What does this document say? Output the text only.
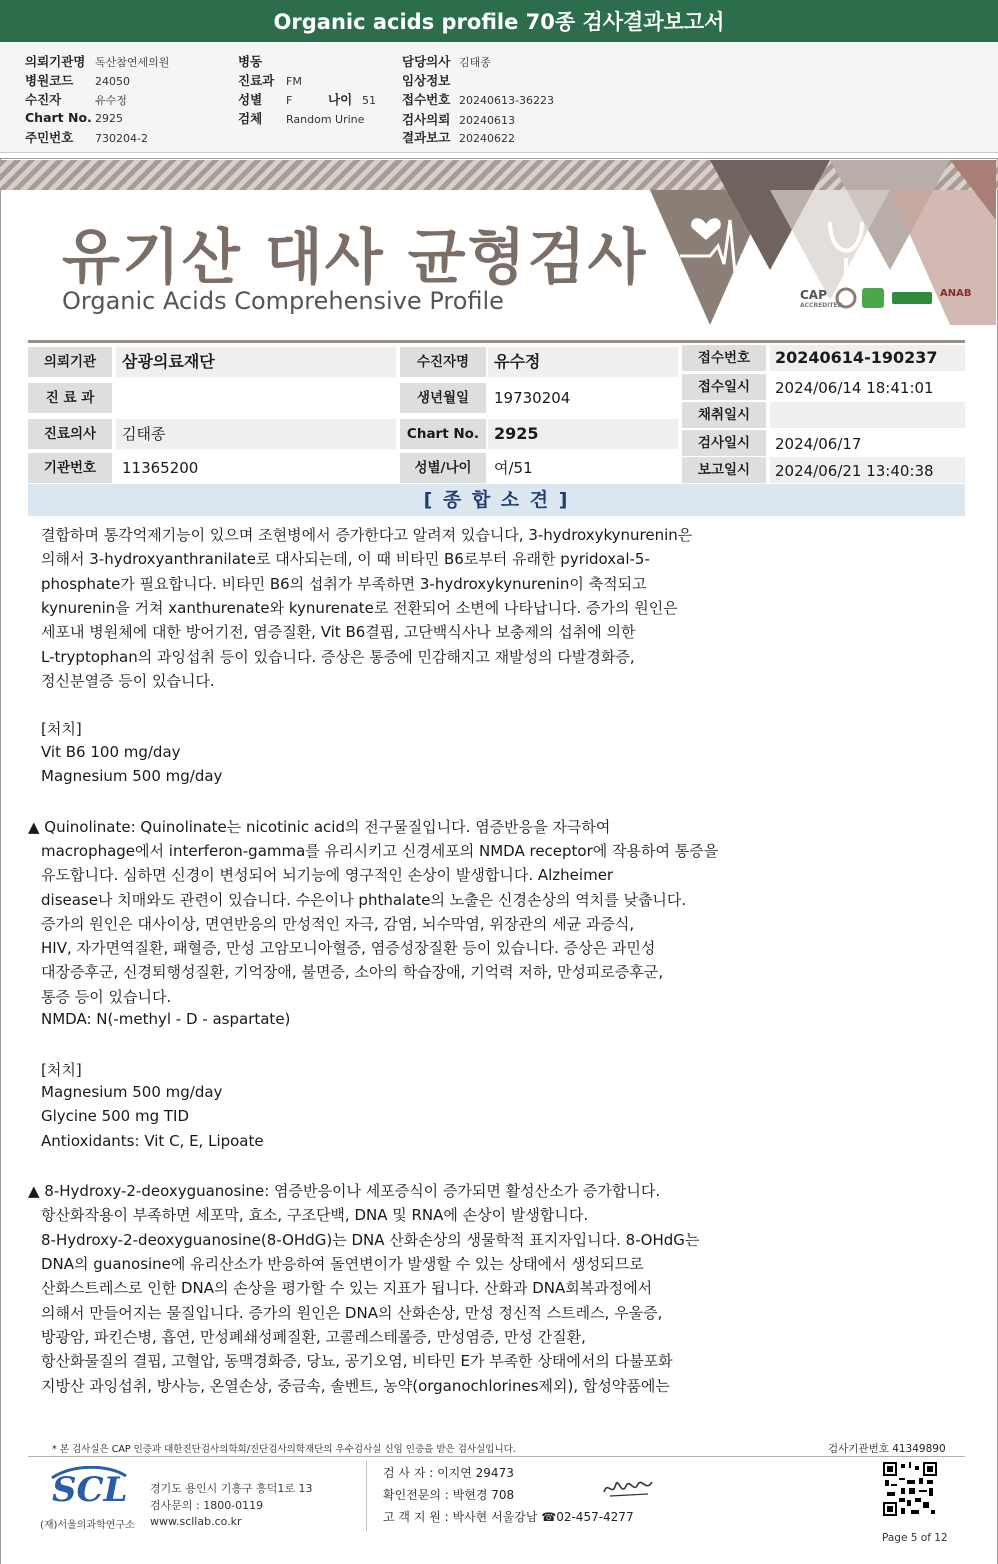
Organic acids profile 70종 검사결과보고서
의뢰기관명 독산참연세의원
병원코드 24050
수진자	유수정
Chart No. 2925
주민번호 730204-2
병동
진료과 FM
성별 F	나이 51
검체 Random Urine
담당의사 김태종
임상정보
접수번호 20240613-36223
검사의뢰 20240613
결과보고 20240622
유기산 대사 균형검사
Organic Acids Comprehensive Profile	CAP
ACCREDITED
ANAB
의뢰기관	삼광의료재단
진 료 과
진료의사	김태종
기관번호	11365200
수진자명	유수정
생년월일	19730204
Chart No. 2925
성별/나이	여/51
접수번호	20240614-190237
접수일시	2024/06/14 18:41:01
채취일시
검사일시	2024/06/17
보고일시	2024/06/21 13:40:38
[ 종 합 소 견 ]
결합하며 통각억제기능이 있으며 조현병에서 증가한다고 알려져 있습니다, 3-hydroxykynurenin은
의해서 3-hydroxyanthranilate로 대사되는데, 이 때 비타민 B6로부터 유래한 pyridoxal-5-
phosphate가 필요합니다. 비타민 B6의 섭취가 부족하면 3-hydroxykynurenin이 축적되고
kynurenin을 거쳐 xanthurenate와 kynurenate로 전환되어 소변에 나타납니다. 증가의 원인은
세포내 병원체에 대한 방어기전, 염증질환, Vit B6결핍, 고단백식사나 보충제의 섭취에 의한
L-tryptophan의 과잉섭취 등이 있습니다. 증상은 통증에 민감해지고 재발성의 다발경화증,
정신분열증 등이 있습니다.
[처치]
Vit B6 100 mg/day
Magnesium 500 mg/day
▲ Quinolinate: Quinolinate는 nicotinic acid의 전구물질입니다. 염증반응을 자극하여
macrophage에서 interferon-gamma를 유리시키고 신경세포의 NMDA receptor에 작용하여 통증을
유도합니다. 심하면 신경이 변성되어 뇌기능에 영구적인 손상이 발생합니다. Alzheimer
disease나 치매와도 관련이 있습니다. 수은이나 phthalate의 노출은 신경손상의 역치를 낮춥니다.
증가의 원인은 대사이상, 면연반응의 만성적인 자극, 감염, 뇌수막염, 위장관의 세균 과증식,
HIV, 자가면역질환, 패혈증, 만성 고암모니아혈증, 염증성장질환 등이 있습니다. 증상은 과민성
대장증후군, 신경퇴행성질환, 기억장애, 불면증, 소아의 학습장애, 기억력 저하, 만성피로증후군,
통증 등이 있습니다.
NMDA: N(-methyl - D - aspartate)
[처치]
Magnesium 500 mg/day
Glycine 500 mg TID
Antioxidants: Vit C, E, Lipoate
▲ 8-Hydroxy-2-deoxyguanosine: 염증반응이나 세포증식이 증가되면 활성산소가 증가합니다.
항산화작용이 부족하면 세포막, 효소, 구조단백, DNA 및 RNA에 손상이 발생합니다.
8-Hydroxy-2-deoxyguanosine(8-OHdG)는 DNA 산화손상의 생물학적 표지자입니다. 8-OHdG는
DNA의 guanosine에 유리산소가 반응하여 돌연변이가 발생할 수 있는 상태에서 생성되므로
산화스트레스로 인한 DNA의 손상을 평가할 수 있는 지표가 됩니다. 산화과 DNA회복과정에서
의해서 만들어지는 물질입니다. 증가의 원인은 DNA의 산화손상, 만성 정신적 스트레스, 우울증,
방광암, 파킨슨병, 흡연, 만성폐쇄성폐질환, 고콜레스테롤증, 만성염증, 만성 간질환,
항산화물질의 결핍, 고혈압, 동맥경화증, 당뇨, 공기오염, 비타민 E가 부족한 상태에서의 다불포화
지방산 과잉섭취, 방사능, 온열손상, 중금속, 솔벤트, 농약(organochlorines제외), 합성약품에는
* 본 검사실은 CAP 인증과 대한진단검사의학회/진단검사의학재단의 우수검사실 신임 인증을 받은 검사실입니다.	검사기관번호 41349890
SCL
(재)서울의과학연구소
경기도 용인시 기흥구 흥덕1로 13
검사문의 : 1800-0119
www.scllab.co.kr
검 사 자 : 이지연 29473
확인전문의 : 박현경 708
고 객 지 원 : 박사현 서울강남 ☎02-457-4277
Page 5 of 12
